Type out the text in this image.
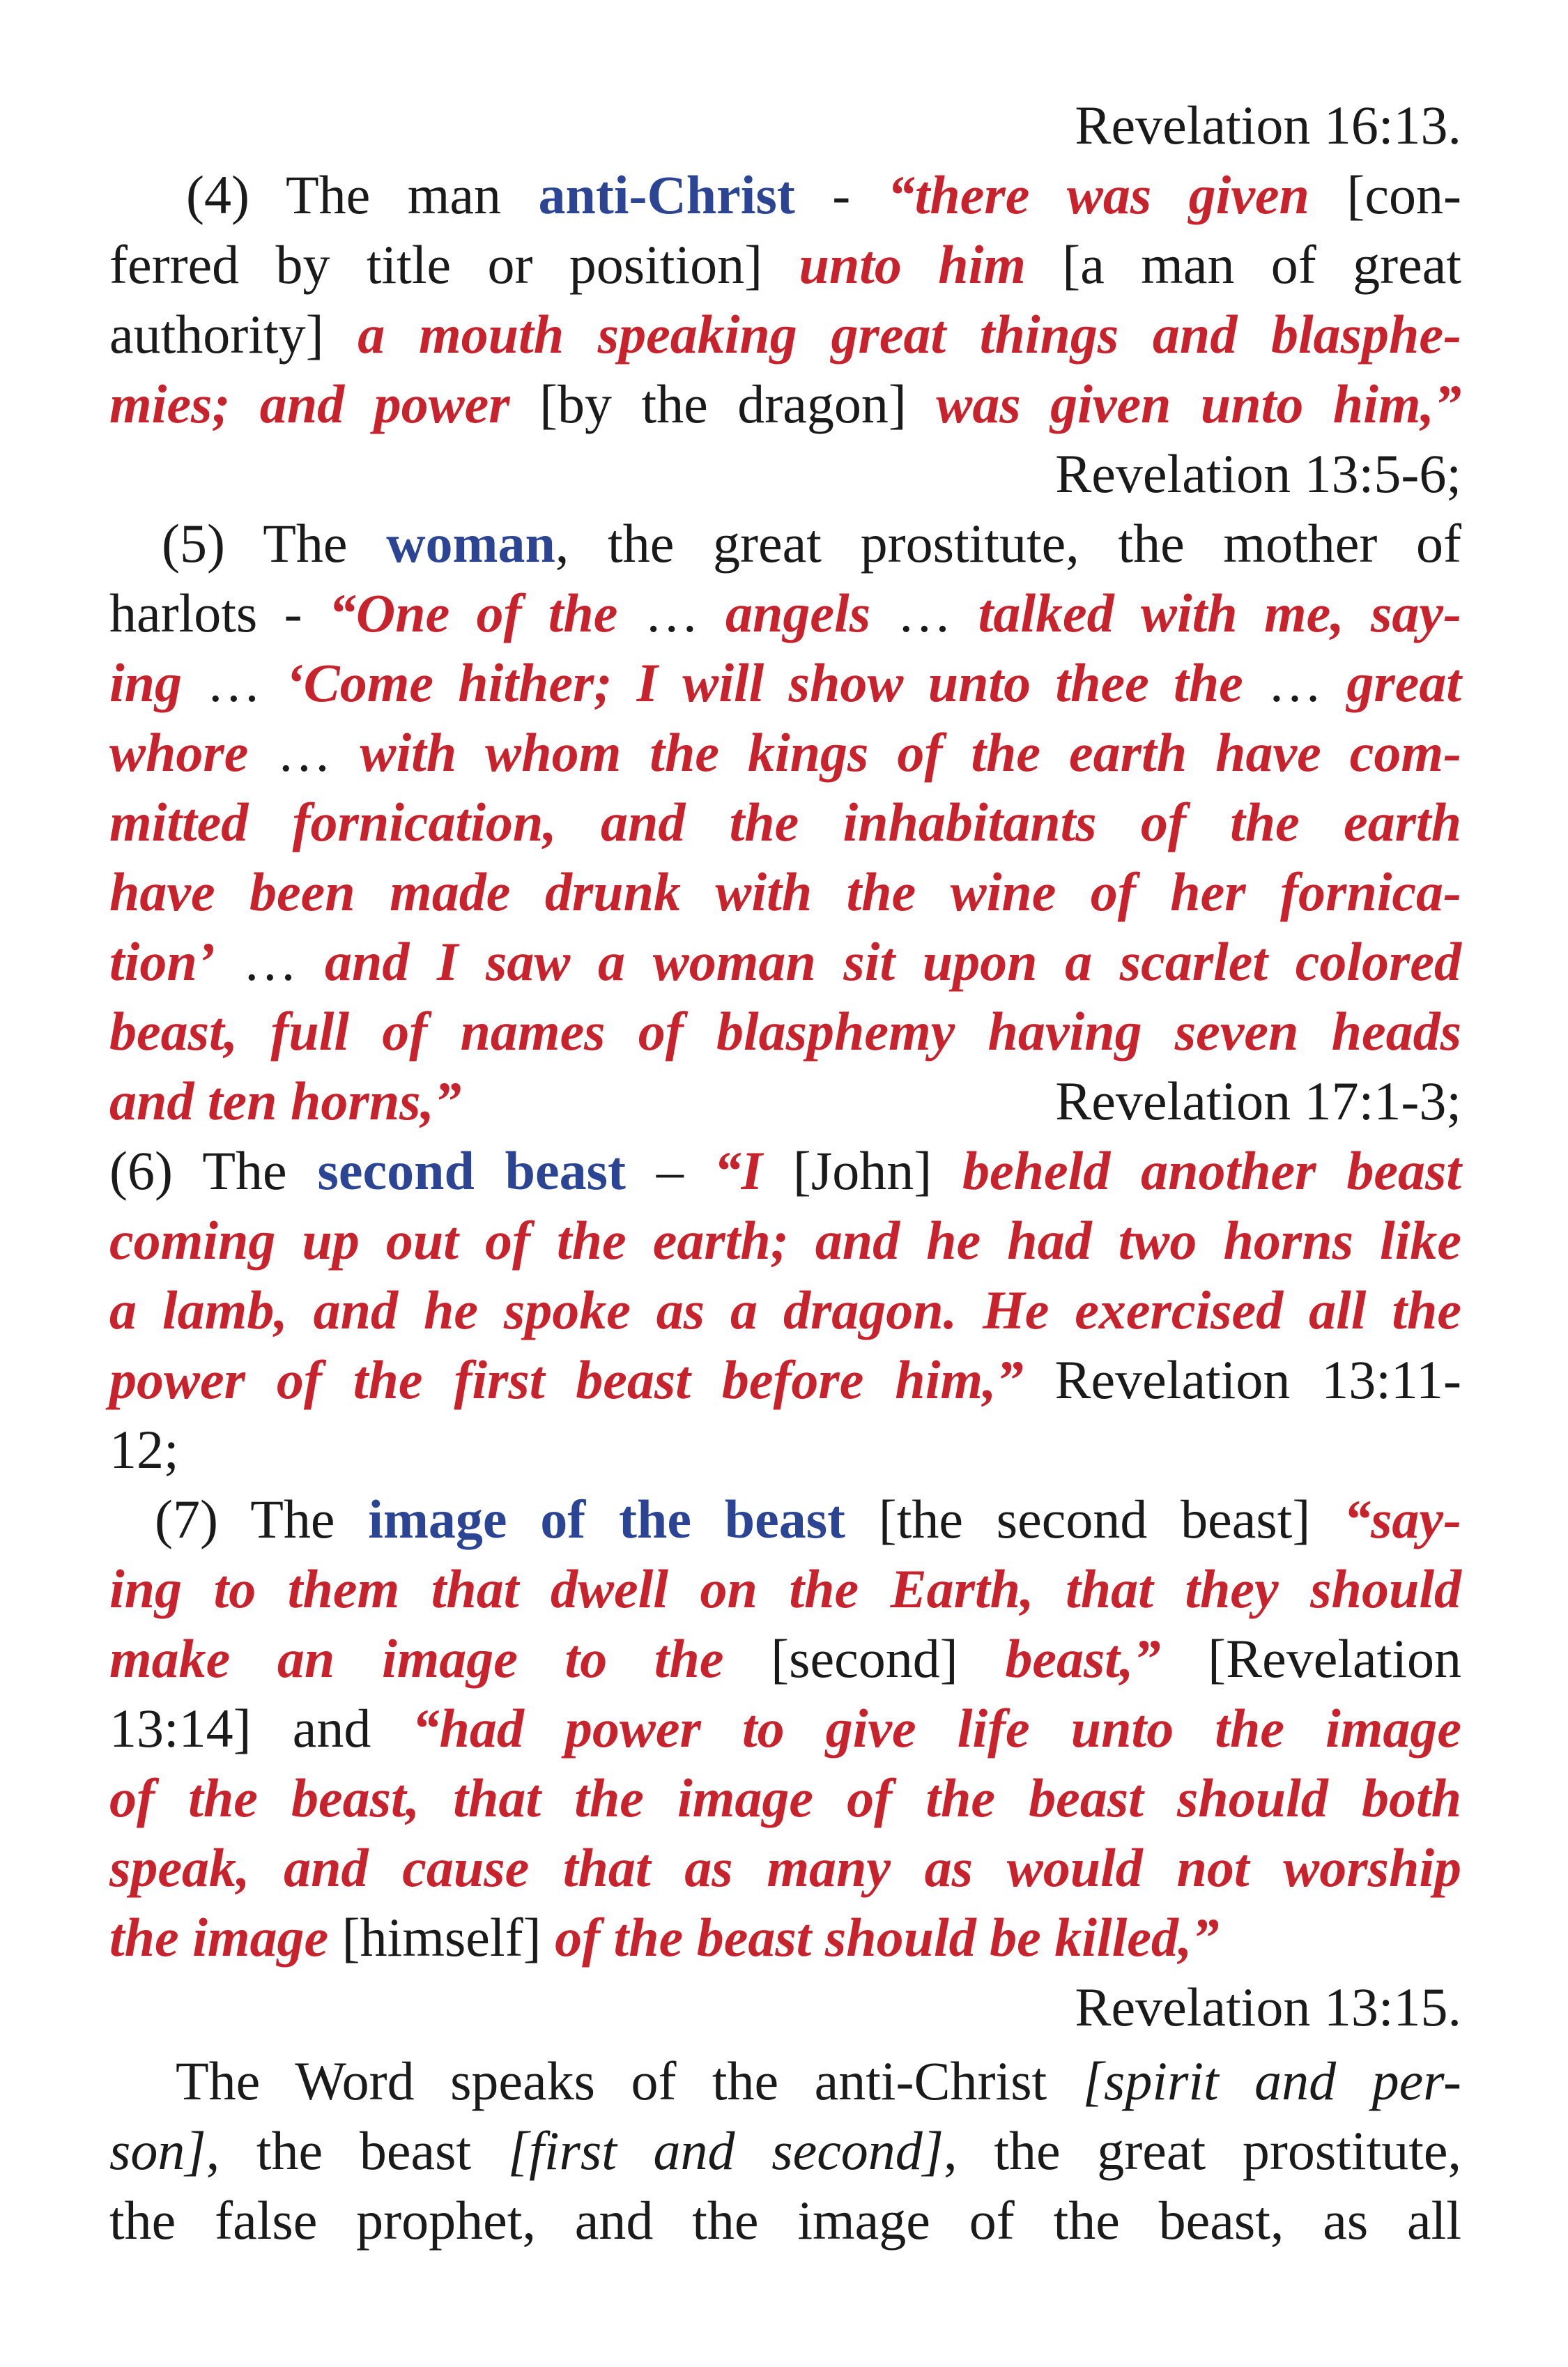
Revelation 16:13.
(4) The man anti-Christ - “there was given [con-
ferred by title or position] unto him [a man of great
authority] a mouth speaking great things and blasphe-
mies; and power [by the dragon] was given unto him,”
Revelation 13:5-6;
(5) The woman, the great prostitute, the mother of
harlots - “One of the … angels … talked with me, say-
ing … ‘Come hither; I will show unto thee the … great
whore … with whom the kings of the earth have com-
mitted fornication, and the inhabitants of the earth
have been made drunk with the wine of her fornica-
tion’ … and I saw a woman sit upon a scarlet colored
beast, full of names of blasphemy having seven heads
and ten horns,”	Revelation 17:1-3;
(6) The second beast – “I [John] beheld another beast
coming up out of the earth; and he had two horns like
a lamb, and he spoke as a dragon. He exercised all the
power of the first beast before him,” Revelation 13:11-
12;
(7) The image of the beast [the second beast] “say-
ing to them that dwell on the Earth, that they should
make an image to the [second] beast,” [Revelation
13:14] and “had power to give life unto the image
of the beast, that the image of the beast should both
speak, and cause that as many as would not worship
the image [himself] of the beast should be killed,”
Revelation 13:15.
The Word speaks of the anti-Christ [spirit and per-
son], the beast [first and second], the great prostitute,
the false prophet, and the image of the beast, as all
